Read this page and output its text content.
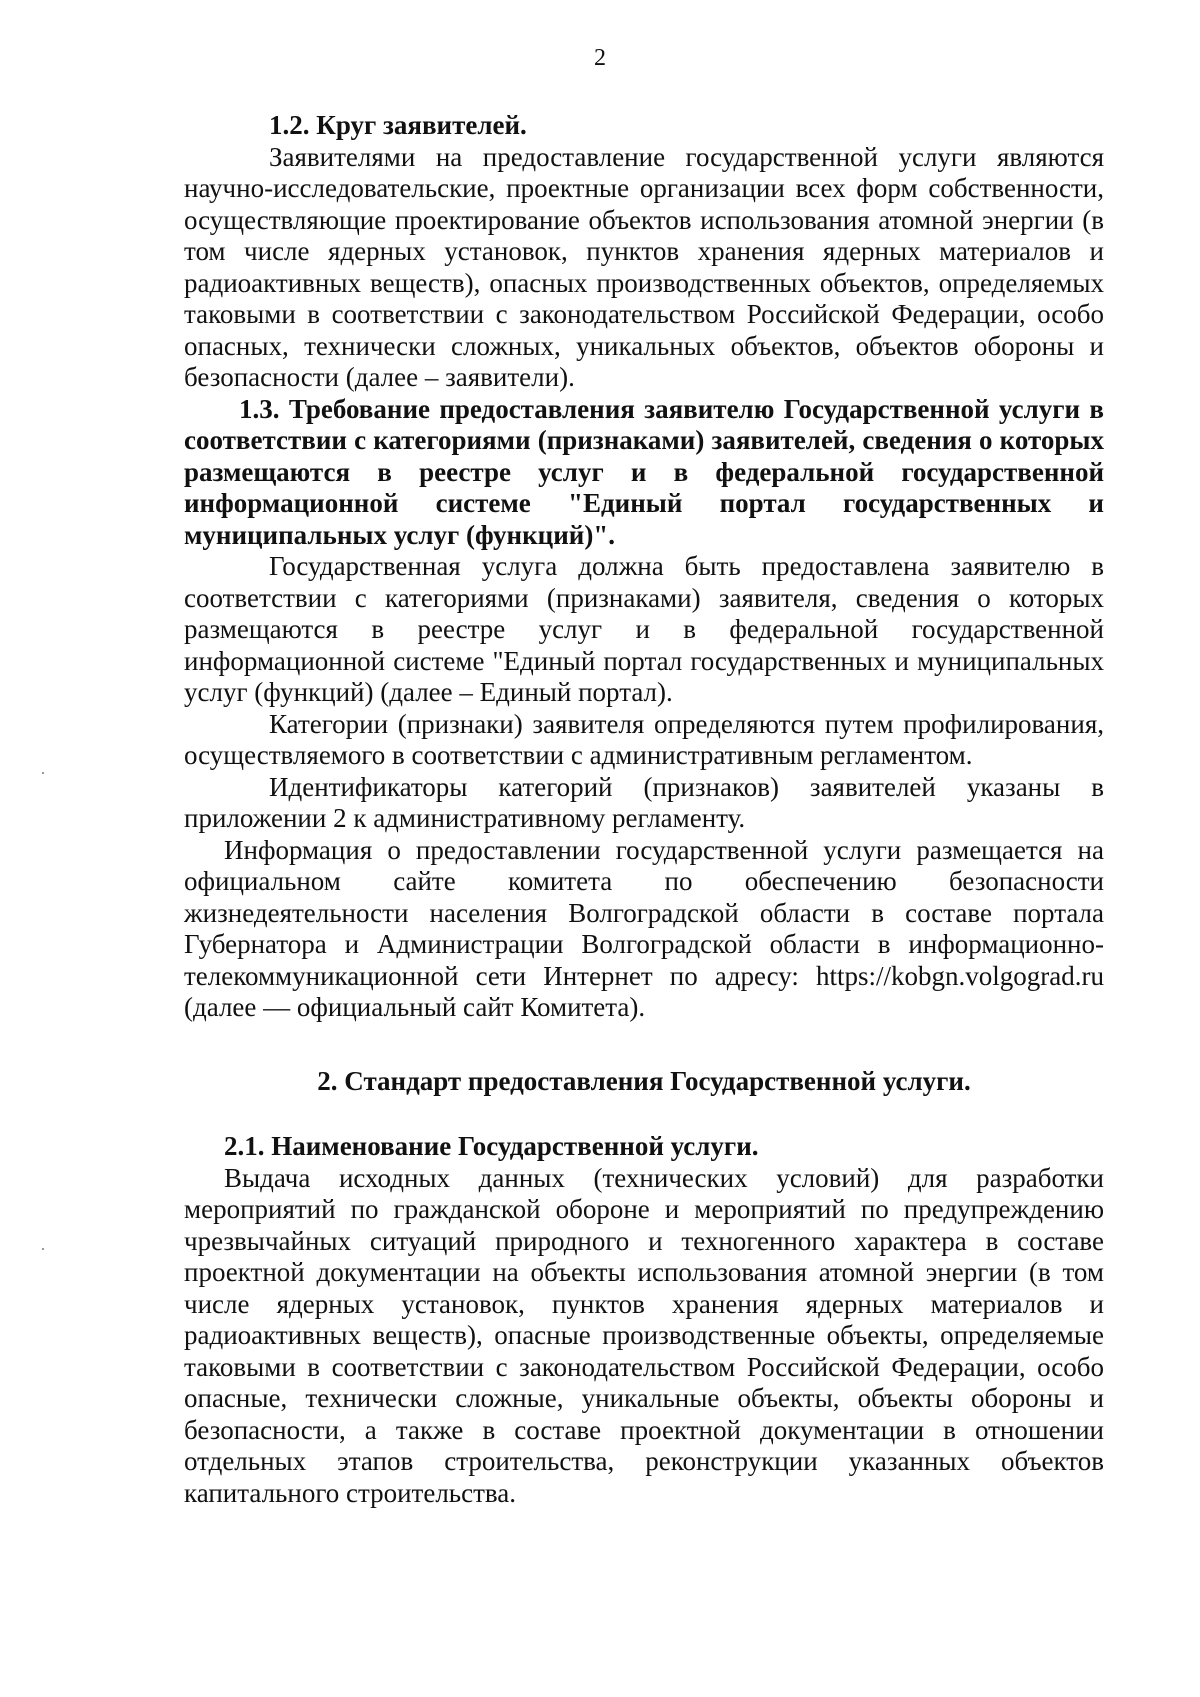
2

1.2. Круг заявителей.

Заявителями на предоставление государственной услуги являются научно-исследовательские, проектные организации всех форм собственности, осуществляющие проектирование объектов использования атомной энергии (в том числе ядерных установок, пунктов хранения ядерных материалов и радиоактивных веществ), опасных производственных объектов, определяемых таковыми в соответствии с законодательством Российской Федерации, особо опасных, технически сложных, уникальных объектов, объектов обороны и безопасности (далее – заявители).

1.3. Требование предоставления заявителю Государственной услуги в соответствии с категориями (признаками) заявителей, сведения о которых размещаются в реестре услуг и в федеральной государственной информационной системе "Единый портал государственных и муниципальных услуг (функций)".

Государственная услуга должна быть предоставлена заявителю в соответствии с категориями (признаками) заявителя, сведения о которых размещаются в реестре услуг и в федеральной государственной информационной системе "Единый портал государственных и муниципальных услуг (функций) (далее – Единый портал).

Категории (признаки) заявителя определяются путем профилирования, осуществляемого в соответствии с административным регламентом.

Идентификаторы категорий (признаков) заявителей указаны в приложении 2 к административному регламенту.

Информация о предоставлении государственной услуги размещается на официальном сайте комитета по обеспечению безопасности жизнедеятельности населения Волгоградской области в составе портала Губернатора и Администрации Волгоградской области в информационно-телекоммуникационной сети Интернет по адресу: https://kobgn.volgograd.ru (далее — официальный сайт Комитета).

2. Стандарт предоставления Государственной услуги.

2.1. Наименование Государственной услуги.

Выдача исходных данных (технических условий) для разработки мероприятий по гражданской обороне и мероприятий по предупреждению чрезвычайных ситуаций природного и техногенного характера в составе проектной документации на объекты использования атомной энергии (в том числе ядерных установок, пунктов хранения ядерных материалов и радиоактивных веществ), опасные производственные объекты, определяемые таковыми в соответствии с законодательством Российской Федерации, особо опасные, технически сложные, уникальные объекты, объекты обороны и безопасности, а также в составе проектной документации в отношении отдельных этапов строительства, реконструкции указанных объектов капитального строительства.
